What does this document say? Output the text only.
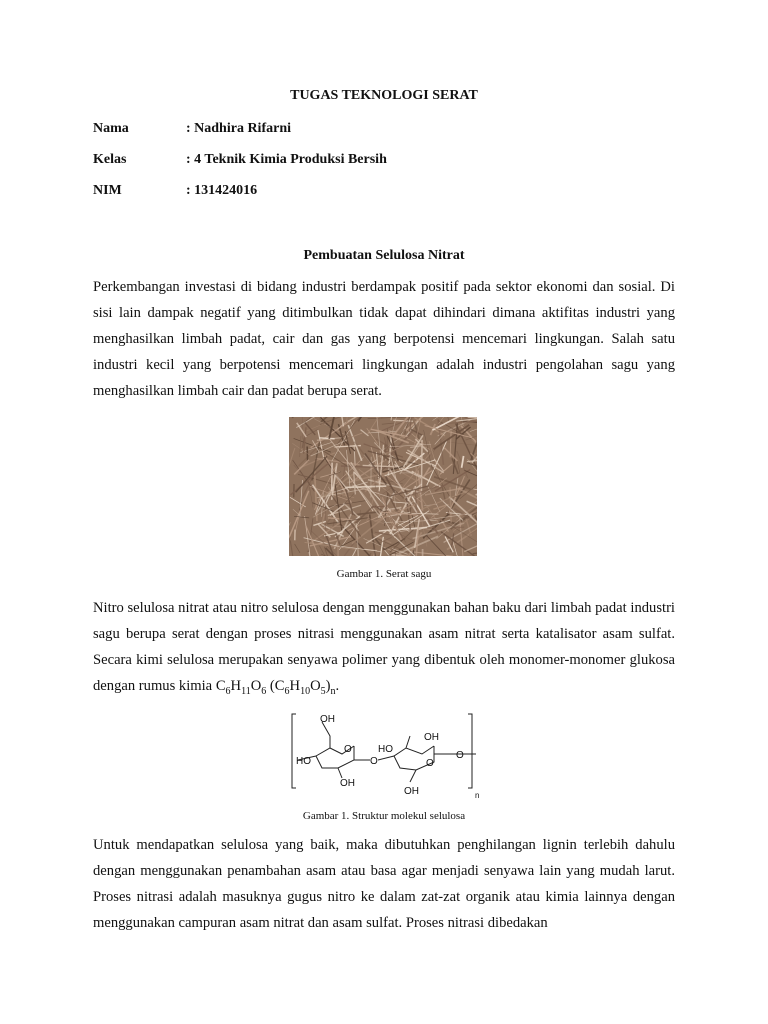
TUGAS TEKNOLOGI SERAT
Nama	: Nadhira Rifarni
Kelas	: 4 Teknik Kimia Produksi Bersih
NIM	: 131424016
Pembuatan Selulosa Nitrat

Perkembangan investasi di bidang industri berdampak positif pada sektor ekonomi dan sosial. Di sisi lain dampak negatif yang ditimbulkan tidak dapat dihindari dimana aktifitas industri yang menghasilkan limbah padat, cair dan gas yang berpotensi mencemari lingkungan. Salah satu industri kecil yang berpotensi mencemari lingkungan adalah industri pengolahan sagu yang menghasilkan limbah cair dan padat berupa serat.

Gambar 1. Serat sagu

Nitro selulosa nitrat atau nitro selulosa dengan menggunakan bahan baku dari limbah padat industri sagu berupa serat dengan proses nitrasi menggunakan asam nitrat serta katalisator asam sulfat. Secara kimi selulosa merupakan senyawa polimer yang dibentuk oleh monomer-monomer glukosa dengan rumus kimia $C_6H_{11}O_6$ $(C_6H_{10}O_5)_n$.

OH
OH
HO
HO
OH
OH
O
O	O
O
n
Gambar 1. Struktur molekul selulosa

Untuk mendapatkan selulosa yang baik, maka dibutuhkan penghilangan lignin terlebih dahulu dengan menggunakan penambahan asam atau basa agar menjadi senyawa lain yang mudah larut. Proses nitrasi adalah masuknya gugus nitro ke dalam zat-zat organik atau kimia lainnya dengan menggunakan campuran asam nitrat dan asam sulfat. Proses nitrasi dibedakan
